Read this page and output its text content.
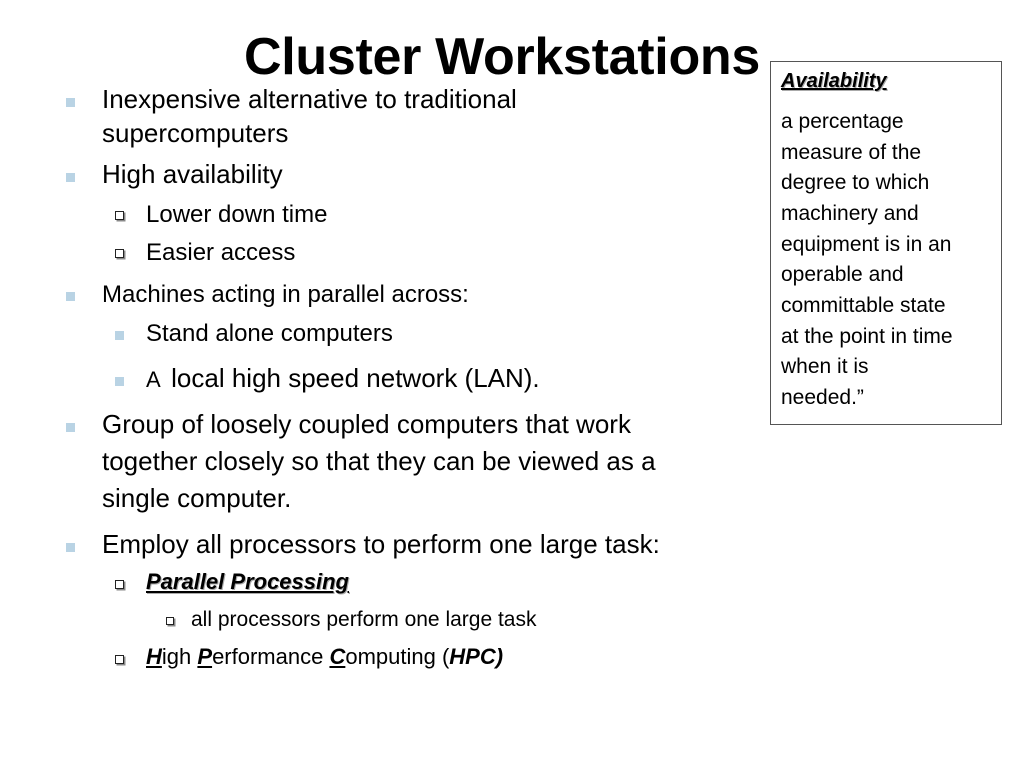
Cluster Workstations
Inexpensive alternative to traditional
supercomputers
High availability
Lower down time
Easier access
Machines acting in parallel across:
Stand alone computers
A local high speed network (LAN).
Group of loosely coupled computers that work
together closely so that they can be viewed as a
single computer.
Employ all processors to perform one large task:
Parallel Processing
all processors perform one large task
High Performance Computing (HPC)
Availability
a percentage
measure of the
degree to which
machinery and
equipment is in an
operable and
committable state
at the point in time
when it is
needed.”
